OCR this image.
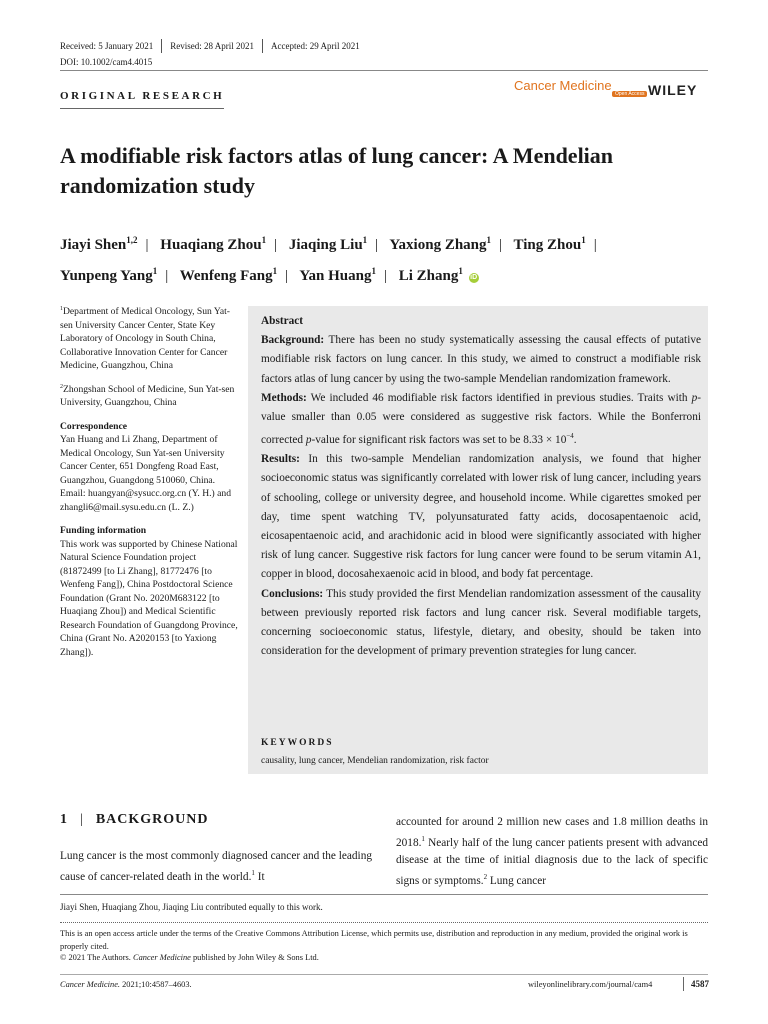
Received: 5 January 2021 Revised: 28 April 2021 Accepted: 29 April 2021
DOI: 10.1002/cam4.4015
ORIGINAL RESEARCH
Cancer Medicine
Open Access WILEY
A modifiable risk factors atlas of lung cancer: A Mendelian randomization study
Jiayi Shen$^{1,2}$ | Huaqiang Zhou$^1$ | Jiaqing Liu$^1$ | Yaxiong Zhang$^1$ | Ting Zhou$^1$ |
Yunpeng Yang$^1$ | Wenfeng Fang$^1$ | Yan Huang$^1$ | Li Zhang$^1$ iD

$^1$Department of Medical Oncology, Sun Yat-sen University Cancer Center, State Key Laboratory of Oncology in South China, Collaborative Innovation Center for Cancer Medicine, Guangzhou, China

$^2$Zhongshan School of Medicine, Sun Yat-sen University, Guangzhou, China

Correspondence

Yan Huang and Li Zhang, Department of Medical Oncology, Sun Yat-sen University Cancer Center, 651 Dongfeng Road East, Guangzhou, Guangdong 510060, China.

Email: huangyan@sysucc.org.cn (Y. H.) and zhangli6@mail.sysu.edu.cn (L. Z.)

Funding information

This work was supported by Chinese National Natural Science Foundation project (81872499 [to Li Zhang], 81772476 [to Wenfeng Fang]), China Postdoctoral Science Foundation (Grant No. 2020M683122 [to Huaqiang Zhou]) and Medical Scientific Research Foundation of Guangdong Province, China (Grant No. A2020153 [to Yaxiong Zhang]).

Abstract
Background: There has been no study systematically assessing the causal effects of putative modifiable risk factors on lung cancer. In this study, we aimed to construct a modifiable risk factors atlas of lung cancer by using the two-sample Mendelian randomization framework.
Methods: We included 46 modifiable risk factors identified in previous studies. Traits with p-value smaller than 0.05 were considered as suggestive risk factors. While the Bonferroni corrected p-value for significant risk factors was set to be $8.33 \times 10^{-4}$.
Results: In this two-sample Mendelian randomization analysis, we found that higher socioeconomic status was significantly correlated with lower risk of lung cancer, including years of schooling, college or university degree, and household income. While cigarettes smoked per day, time spent watching TV, polyunsaturated fatty acids, docosapentaenoic acid, eicosapentaenoic acid, and arachidonic acid in blood were significantly associated with higher risk of lung cancer. Suggestive risk factors for lung cancer were found to be serum vitamin A1, copper in blood, docosahexaenoic acid in blood, and body fat percentage.
Conclusions: This study provided the first Mendelian randomization assessment of the causality between previously reported risk factors and lung cancer risk. Several modifiable targets, concerning socioeconomic status, lifestyle, dietary, and obesity, should be taken into consideration for the development of primary prevention strategies for lung cancer.
KEYWORDS
causality, lung cancer, Mendelian randomization, risk factor
1 | BACKGROUND
Lung cancer is the most commonly diagnosed cancer and the leading cause of cancer-related death in the world.$^1$ It
accounted for around 2 million new cases and 1.8 million deaths in 2018.$^1$ Nearly half of the lung cancer patients present with advanced disease at the time of initial diagnosis due to the lack of specific signs or symptoms.$^2$ Lung cancer
Jiayi Shen, Huaqiang Zhou, Jiaqing Liu contributed equally to this work.
This is an open access article under the terms of the Creative Commons Attribution License, which permits use, distribution and reproduction in any medium, provided the original work is properly cited.
© 2021 The Authors. Cancer Medicine published by John Wiley & Sons Ltd.
Cancer Medicine. 2021;10:4587–4603.	wileyonlinelibrary.com/journal/cam4	4587
